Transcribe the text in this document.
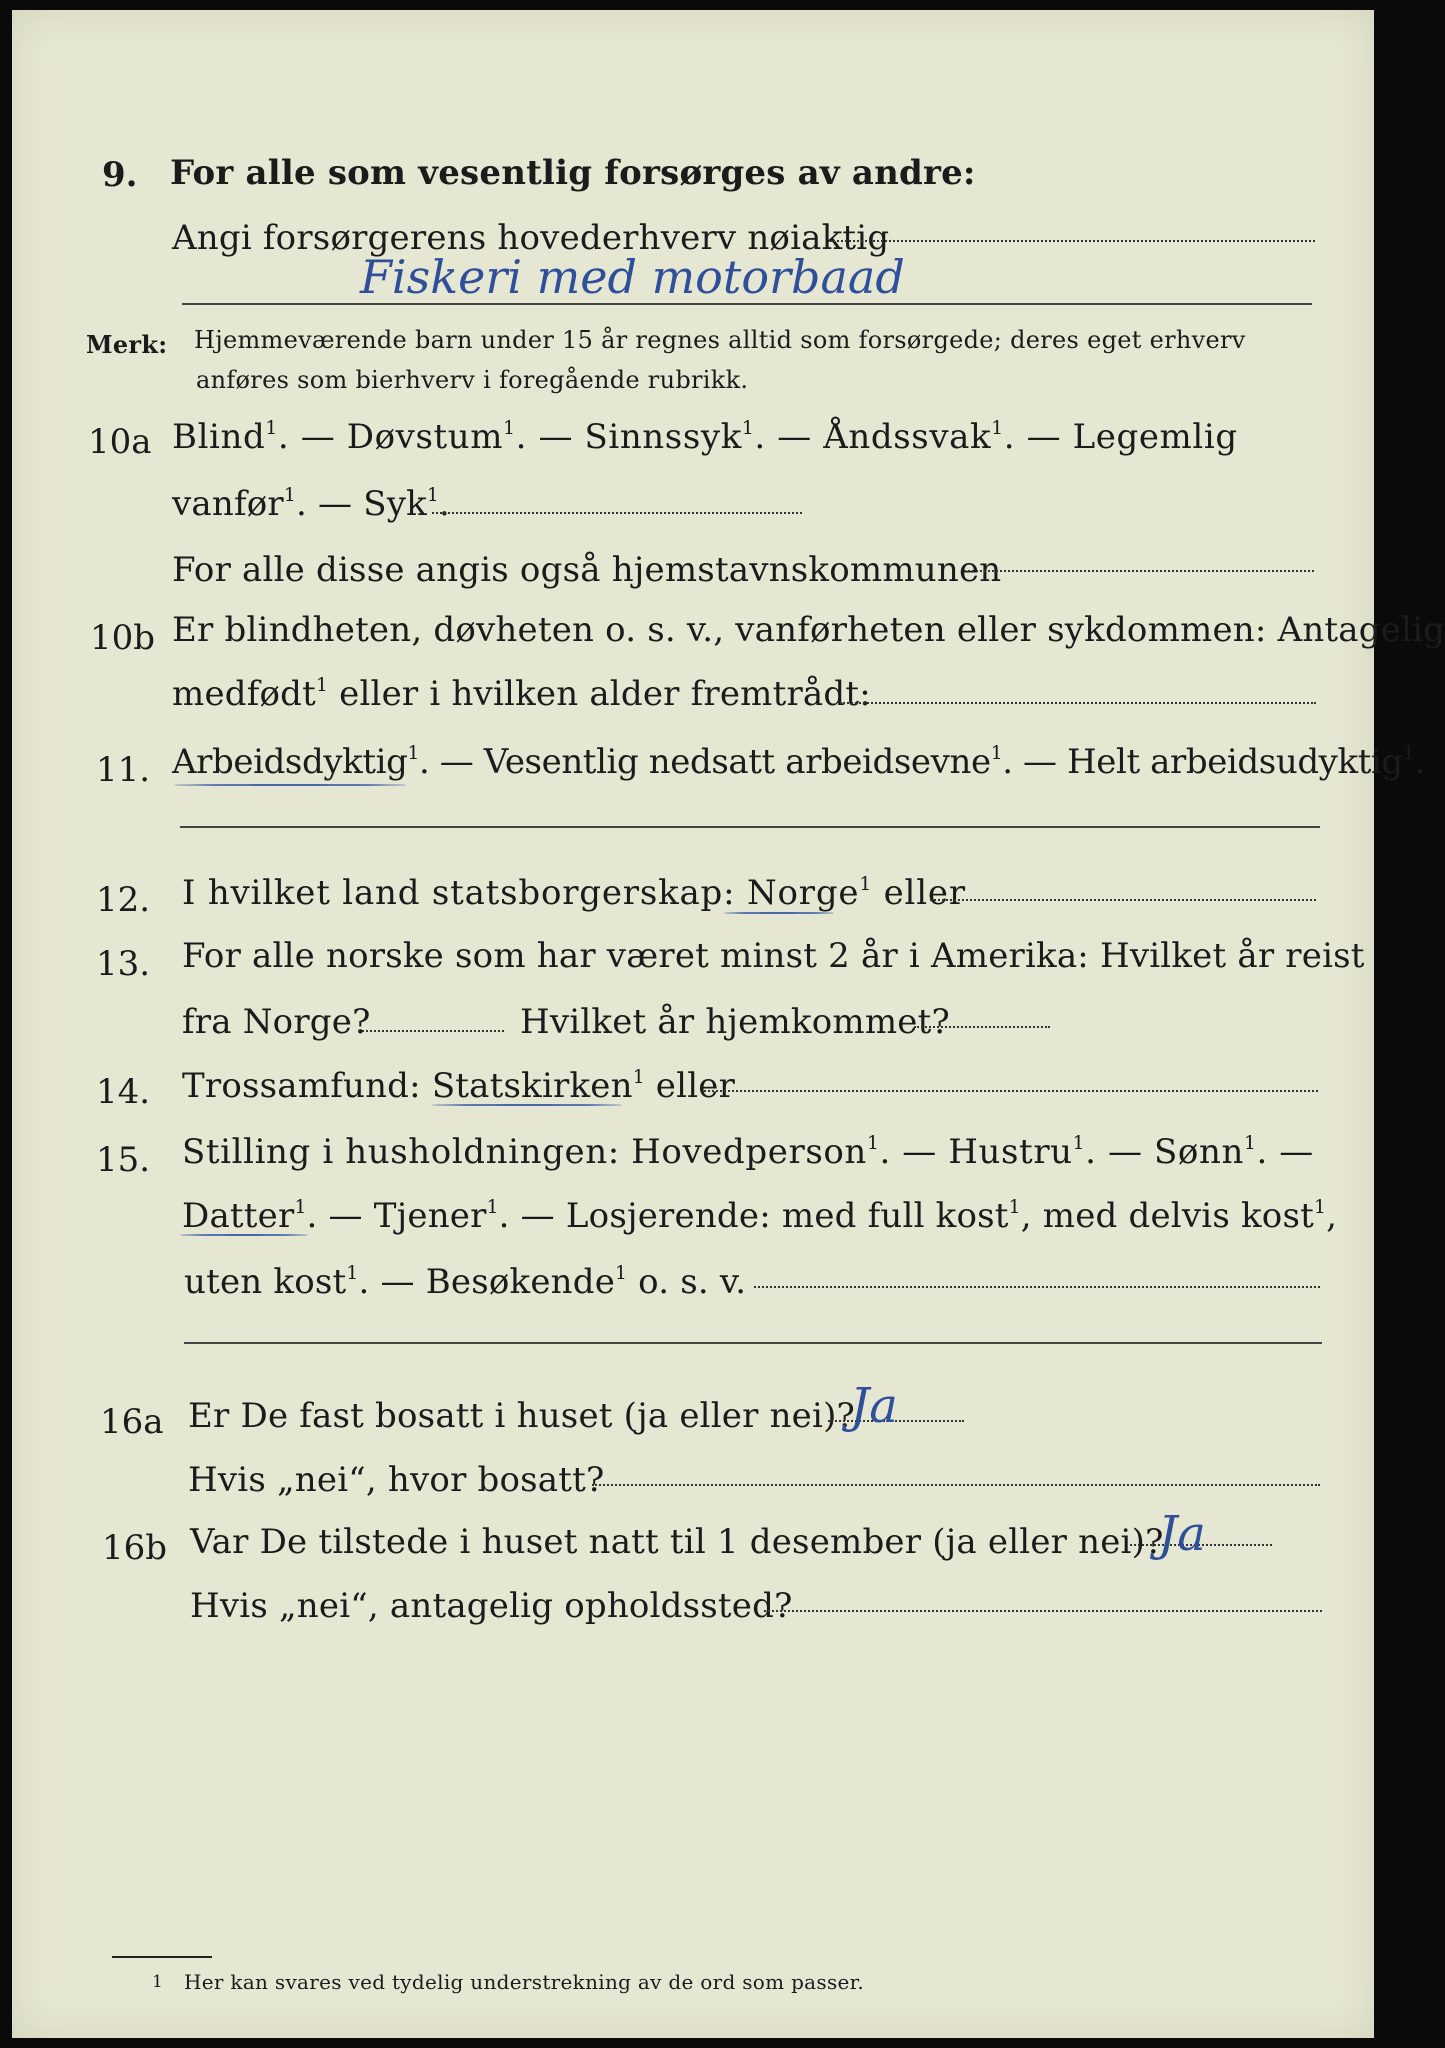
9. For alle som vesentlig forsørges av andre:
Angi forsørgerens hovederhverv nøiaktig
Fiskeri med motorbaad
Merk: Hjemmeværende barn under 15 år regnes alltid som forsørgede; deres eget erhverv
anføres som bierhverv i foregående rubrikk.
10a Blind$^1$. — Døvstum$^1$. — Sinnssyk$^1$. — Åndssvak$^1$. — Legemlig
vanfør$^1$. — Syk$^1$.
For alle disse angis også hjemstavnskommunen
10b Er blindheten, døvheten o. s. v., vanførheten eller sykdommen: Antagelig
medfødt$^1$ eller i hvilken alder fremtrådt:
11. Arbeidsdyktig$^1$. — Vesentlig nedsatt arbeidsevne$^1$. — Helt arbeidsudyktig$^1$.
12. I hvilket land statsborgerskap: Norge$^1$ eller
13. For alle norske som har været minst 2 år i Amerika: Hvilket år reist
fra Norge?	Hvilket år hjemkommet?
14. Trossamfund: Statskirken$^1$ eller
15. Stilling i husholdningen: Hovedperson$^1$. — Hustru$^1$. — Sønn$^1$. —
Datter$^1$. — Tjener$^1$. — Losjerende: med full kost$^1$, med delvis kost$^1$,
uten kost$^1$. — Besøkende$^1$ o. s. v.
16a Er De fast bosatt i huset (ja eller nei)?
Ja
Hvis „nei“, hvor bosatt?
16b Var De tilstede i huset natt til 1 desember (ja eller nei)?
Ja
Hvis „nei“, antagelig opholdssted?
1 Her kan svares ved tydelig understrekning av de ord som passer.
